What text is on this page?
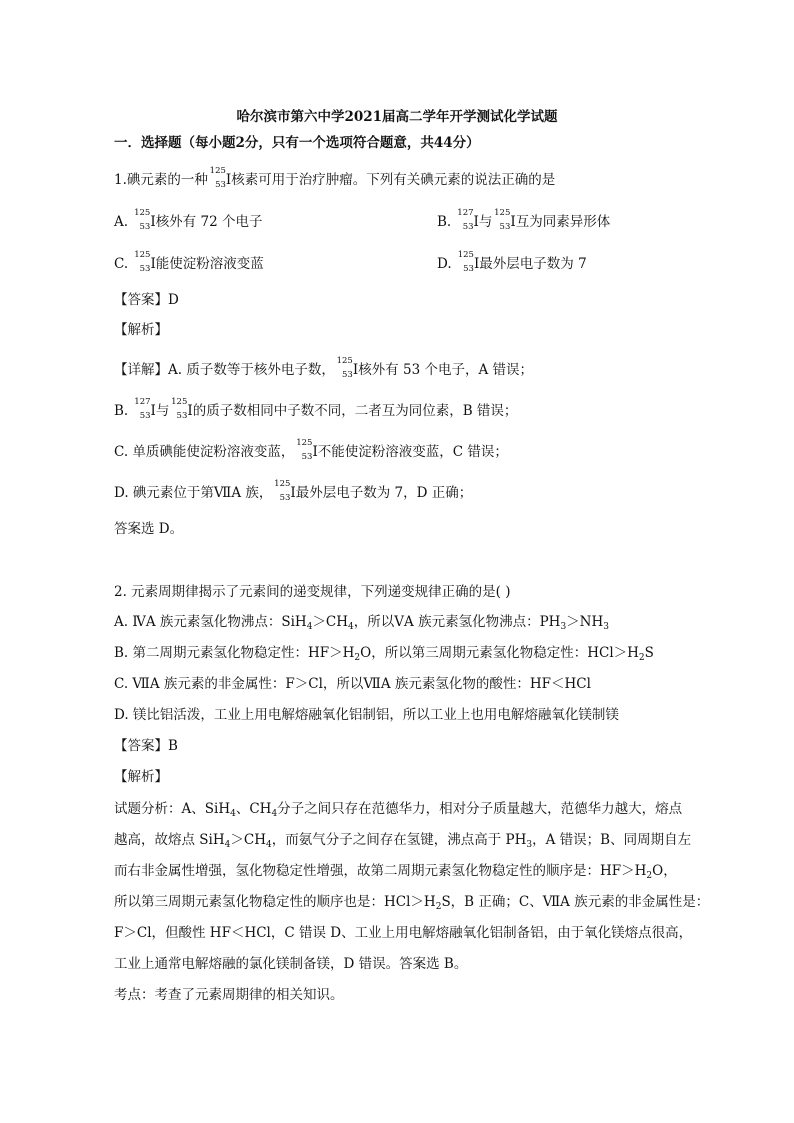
哈尔滨市第六中学2021届高二学年开学测试化学试题
一．选择题（每小题2分，只有一个选项符合题意，共44分）
1.碘元素的一种
125
53 I核素可用于治疗肿瘤。下列有关碘元素的说法正确的是
A.
125
53 I核外有 72 个电子	B.
127
53 I与
125
53 I互为同素异形体
C.
125
53 I能使淀粉溶液变蓝	D.
125
53 I最外层电子数为 7
【答案】D
【解析】
【详解】A. 质子数等于核外电子数，
125
53 I核外有 53 个电子，A 错误；
B.
127
53 I与
125
53 I的质子数相同中子数不同，二者互为同位素，B 错误；
C. 单质碘能使淀粉溶液变蓝，
125
53 I不能使淀粉溶液变蓝，C 错误；
D. 碘元素位于第ⅦA 族，
125
53 I最外层电子数为 7，D 正确；
答案选 D。
2. 元素周期律揭示了元素间的递变规律，下列递变规律正确的是( )
A. ⅣA 族元素氢化物沸点：$SiH_4>CH_4$，所以ⅤA 族元素氢化物沸点：$PH_3>NH_3$
B. 第二周期元素氢化物稳定性：$HF>H_2O$，所以第三周期元素氢化物稳定性：$HCl>H_2S$
C. ⅦA 族元素的非金属性：F＞Cl，所以ⅦA 族元素氢化物的酸性：HF＜HCl
D. 镁比铝活泼，工业上用电解熔融氧化铝制铝，所以工业上也用电解熔融氧化镁制镁
【答案】B
【解析】
试题分析：A、SiH$_4$、$CH_4$分子之间只存在范德华力，相对分子质量越大，范德华力越大，熔点
越高，故熔点 $SiH_4>CH_4$，而氨气分子之间存在氢键，沸点高于 $PH_3$，A 错误；B、同周期自左
而右非金属性增强，氢化物稳定性增强，故第二周期元素氢化物稳定性的顺序是：$HF>H_2O$，
所以第三周期元素氢化物稳定性的顺序也是：$HCl>H_2S$，B 正确；C、ⅦA 族元素的非金属性是：
F＞Cl，但酸性 HF＜HCl，C 错误 D、工业上用电解熔融氧化铝制备铝，由于氧化镁熔点很高，
工业上通常电解熔融的氯化镁制备镁，D 错误。答案选 B。
考点：考查了元素周期律的相关知识。
